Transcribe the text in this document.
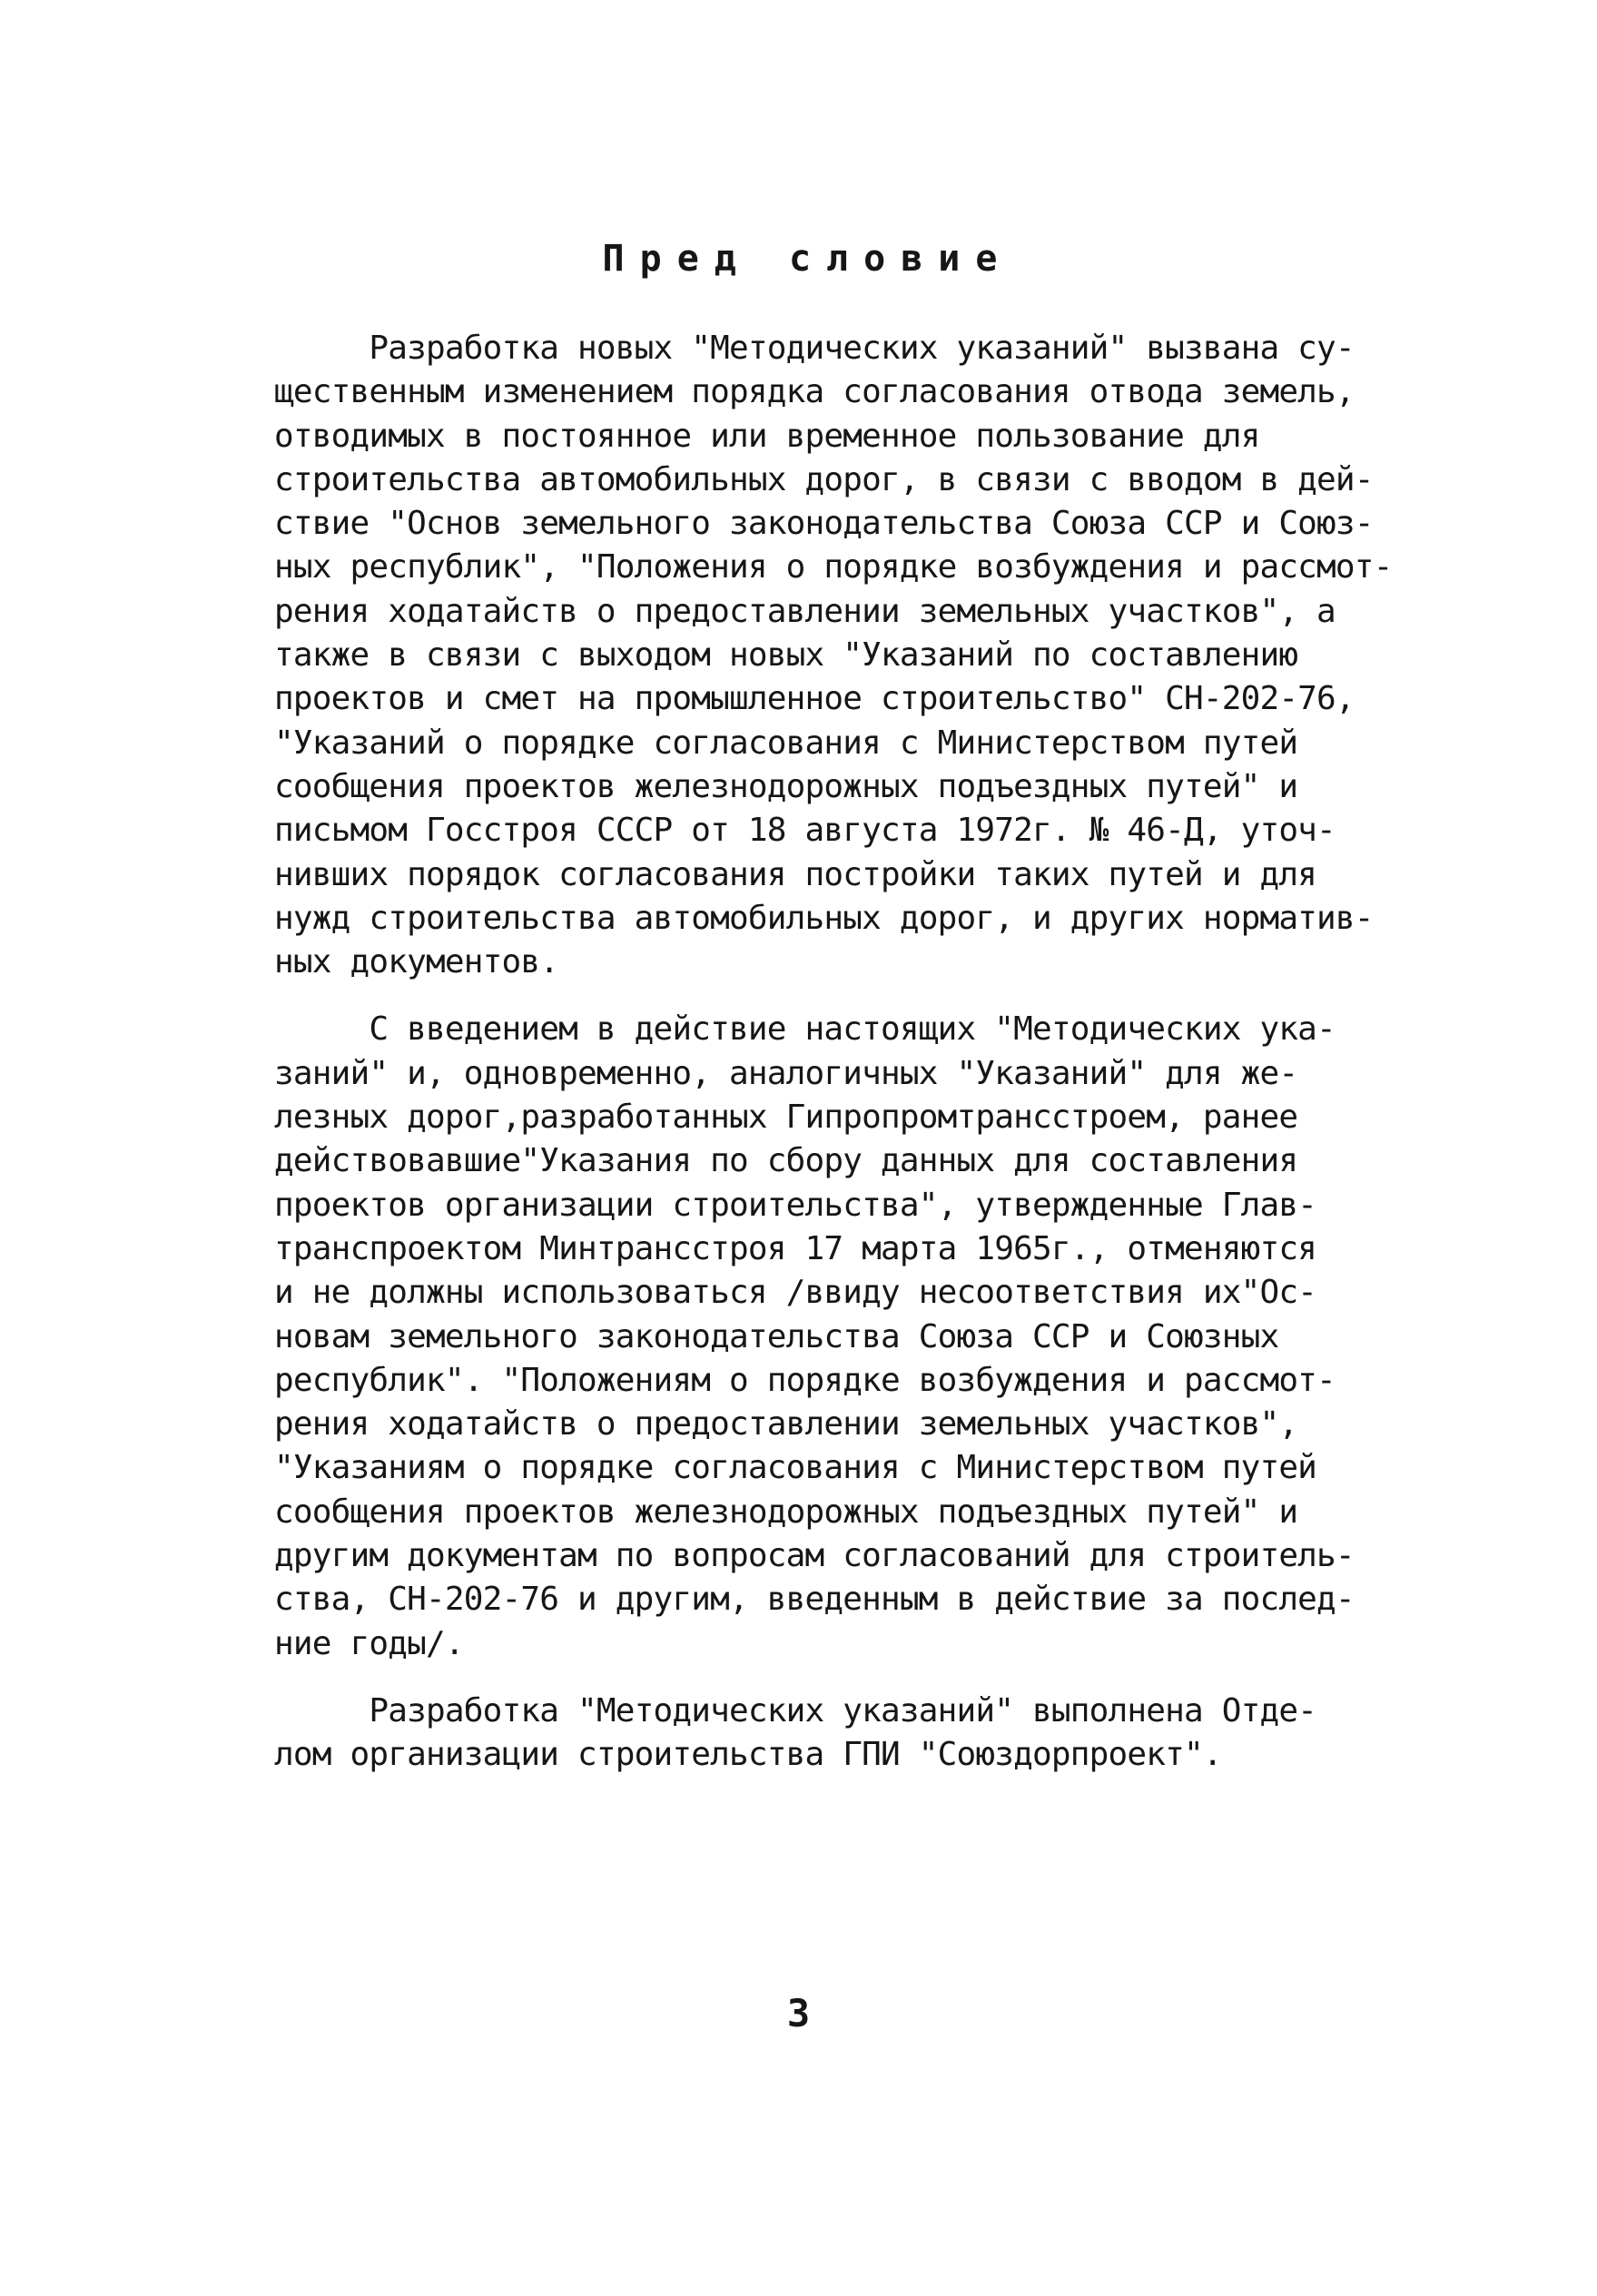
Пред словие
Разработка новых "Методических указаний" вызвана су-
щественным изменением порядка согласования отвода земель,
отводимых в постоянное или временное пользование для
строительства автомобильных дорог, в связи с вводом в дей-
ствие "Основ земельного законодательства Союза ССР и Союз-
ных республик", "Положения о порядке возбуждения и рассмот-
рения ходатайств о предоставлении земельных участков", а
также в связи с выходом новых "Указаний по составлению
проектов и смет на промышленное строительство" СН-202-76,
"Указаний о порядке согласования с Министерством путей
сообщения проектов железнодорожных подъездных путей" и
письмом Госстроя СССР от 18 августа 1972г. № 46-Д, уточ-
нивших порядок согласования постройки таких путей и для
нужд строительства автомобильных дорог, и других норматив-
ных документов.
С введением в действие настоящих "Методических ука-
заний" и, одновременно, аналогичных "Указаний" для же-
лезных дорог,разработанных Гипропромтрансстроем, ранее
действовавшие"Указания по сбору данных для составления
проектов организации строительства", утвержденные Глав-
транспроектом Минтрансстроя 17 марта 1965г., отменяются
и не должны использоваться /ввиду несоответствия их"Ос-
новам земельного законодательства Союза ССР и Союзных
республик". "Положениям о порядке возбуждения и рассмот-
рения ходатайств о предоставлении земельных участков",
"Указаниям о порядке согласования с Министерством путей
сообщения проектов железнодорожных подъездных путей" и
другим документам по вопросам согласований для строитель-
ства, СН-202-76 и другим, введенным в действие за послед-
ние годы/.
Разработка "Методических указаний" выполнена Отде-
лом организации строительства ГПИ "Союздорпроект".
3
